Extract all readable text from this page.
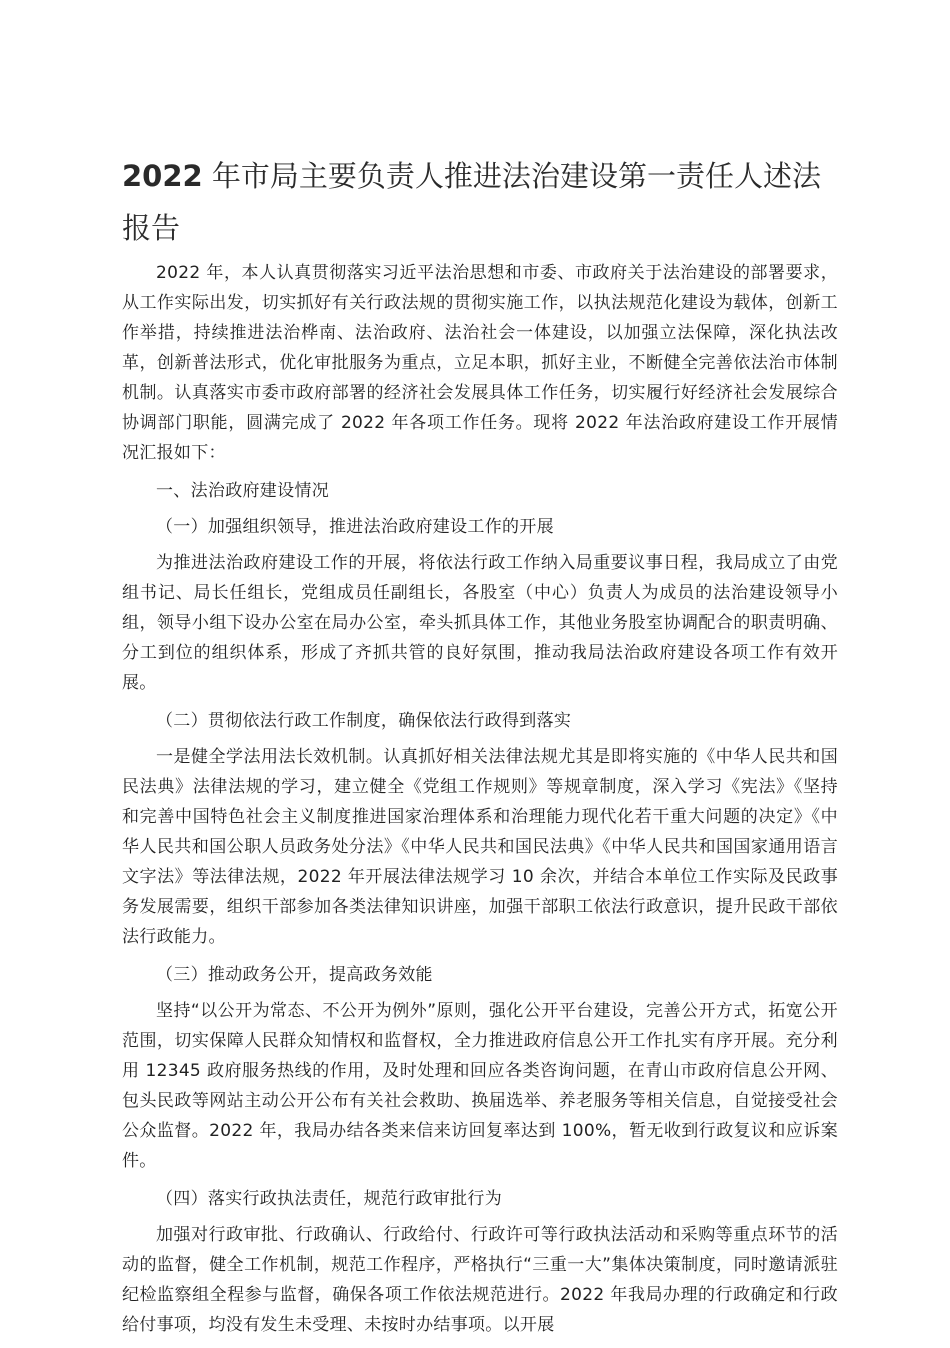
2022 年市局主要负责人推进法治建设第一责任人述法报告

2022 年，本人认真贯彻落实习近平法治思想和市委、市政府关于法治建设的部署要求，从工作实际出发，切实抓好有关行政法规的贯彻实施工作，以执法规范化建设为载体，创新工作举措，持续推进法治桦南、法治政府、法治社会一体建设，以加强立法保障，深化执法改革，创新普法形式，优化审批服务为重点，立足本职，抓好主业，不断健全完善依法治市体制机制。认真落实市委市政府部署的经济社会发展具体工作任务，切实履行好经济社会发展综合协调部门职能，圆满完成了 2022 年各项工作任务。现将 2022 年法治政府建设工作开展情况汇报如下：

一、法治政府建设情况

（一）加强组织领导，推进法治政府建设工作的开展

为推进法治政府建设工作的开展，将依法行政工作纳入局重要议事日程，我局成立了由党组书记、局长任组长，党组成员任副组长，各股室（中心）负责人为成员的法治建设领导小组，领导小组下设办公室在局办公室，牵头抓具体工作，其他业务股室协调配合的职责明确、分工到位的组织体系，形成了齐抓共管的良好氛围，推动我局法治政府建设各项工作有效开展。

（二）贯彻依法行政工作制度，确保依法行政得到落实

一是健全学法用法长效机制。认真抓好相关法律法规尤其是即将实施的《中华人民共和国民法典》法律法规的学习，建立健全《党组工作规则》等规章制度，深入学习《宪法》《坚持和完善中国特色社会主义制度推进国家治理体系和治理能力现代化若干重大问题的决定》《中华人民共和国公职人员政务处分法》《中华人民共和国民法典》《中华人民共和国国家通用语言文字法》等法律法规，2022 年开展法律法规学习 10 余次，并结合本单位工作实际及民政事务发展需要，组织干部参加各类法律知识讲座，加强干部职工依法行政意识，提升民政干部依法行政能力。

（三）推动政务公开，提高政务效能

坚持“以公开为常态、不公开为例外”原则，强化公开平台建设，完善公开方式，拓宽公开范围，切实保障人民群众知情权和监督权，全力推进政府信息公开工作扎实有序开展。充分利用 12345 政府服务热线的作用，及时处理和回应各类咨询问题，在青山市政府信息公开网、包头民政等网站主动公开公布有关社会救助、换届选举、养老服务等相关信息，自觉接受社会公众监督。2022 年，我局办结各类来信来访回复率达到 100%，暂无收到行政复议和应诉案件。

（四）落实行政执法责任，规范行政审批行为

加强对行政审批、行政确认、行政给付、行政许可等行政执法活动和采购等重点环节的活动的监督，健全工作机制，规范工作程序，严格执行“三重一大”集体决策制度，同时邀请派驻纪检监察组全程参与监督，确保各项工作依法规范进行。2022 年我局办理的行政确定和行政给付事项，均没有发生未受理、未按时办结事项。以开展
